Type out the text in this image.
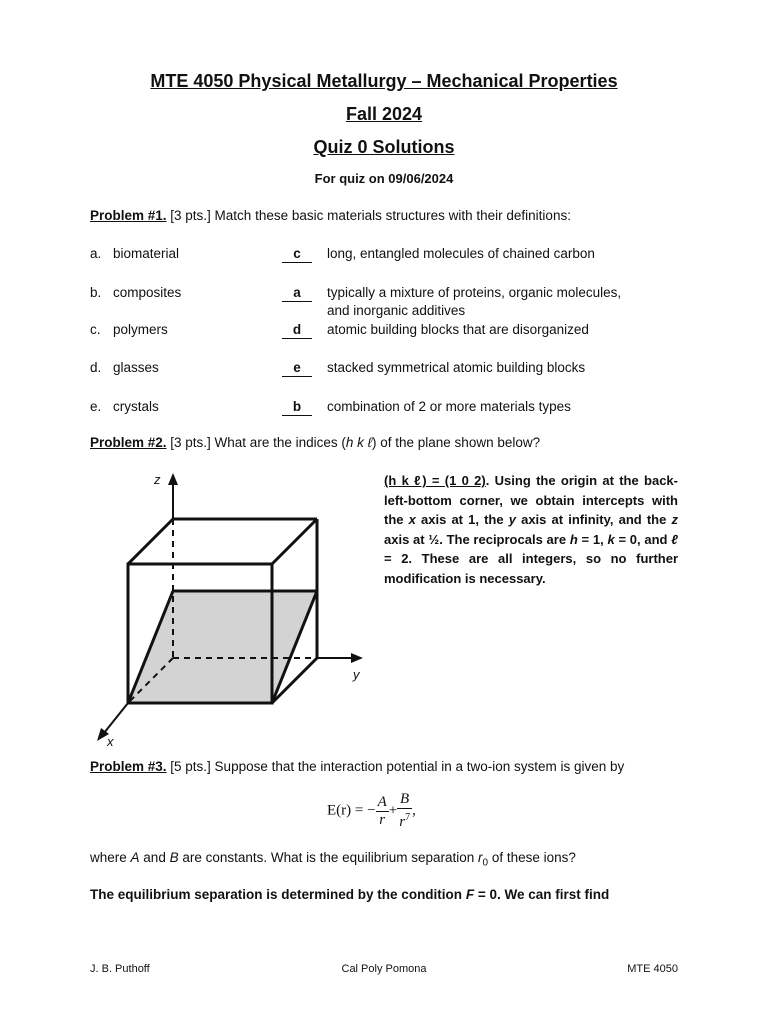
MTE 4050 Physical Metallurgy – Mechanical Properties
Fall 2024
Quiz 0 Solutions
For quiz on 09/06/2024
Problem #1. [3 pts.] Match these basic materials structures with their definitions:
a. biomaterial	c	long, entangled molecules of chained carbon
b. composites	a	typically a mixture of proteins, organic molecules,
and inorganic additives
c. polymers	d	atomic building blocks that are disorganized
d. glasses	e	stacked symmetrical atomic building blocks
e. crystals	b	combination of 2 or more materials types
Problem #2. [3 pts.] What are the indices (h k ℓ) of the plane shown below?
z
y
x
(h k ℓ) = (1 0 2). Using the origin at the back-left-bottom corner, we obtain intercepts with the x axis at 1, the y axis at infinity, and the z axis at ½. The reciprocals are h = 1, k = 0, and ℓ = 2. These are all integers, so no further modification is necessary.
Problem #3. [5 pts.] Suppose that the interaction potential in a two-ion system is given by
E(r) = − $\frac{A}{r} + \frac{B}{r^7}$ ,
where A and B are constants. What is the equilibrium separation $r_0$ of these ions?
The equilibrium separation is determined by the condition F = 0. We can first find
J. B. Puthoff	Cal Poly Pomona	MTE 4050
